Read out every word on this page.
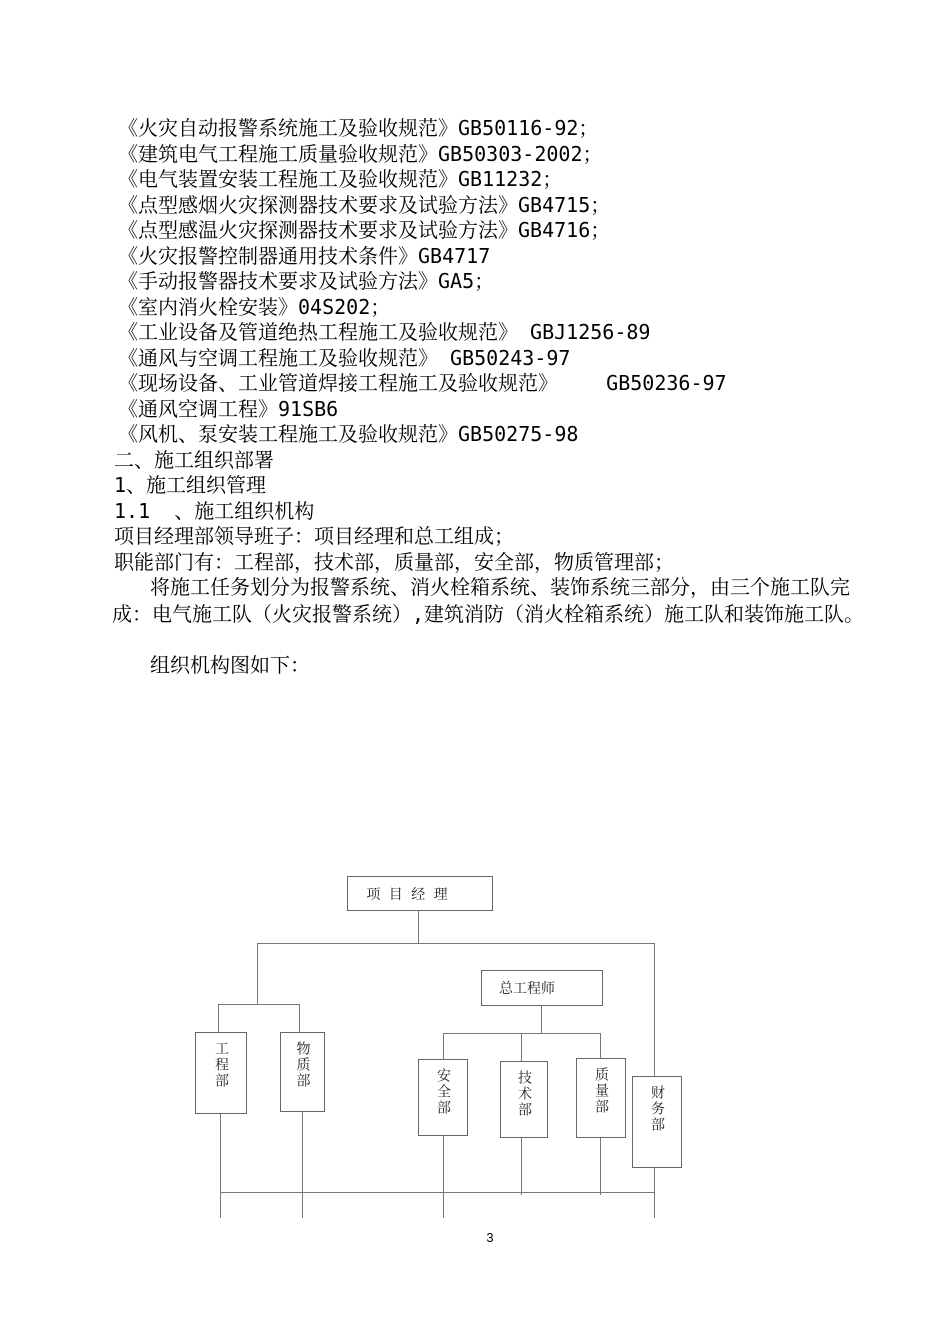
《火灾自动报警系统施工及验收规范》GB50116-92；

《建筑电气工程施工质量验收规范》GB50303-2002；

《电气装置安装工程施工及验收规范》GB11232；

《点型感烟火灾探测器技术要求及试验方法》GB4715；

《点型感温火灾探测器技术要求及试验方法》GB4716；

《火灾报警控制器通用技术条件》GB4717

《手动报警器技术要求及试验方法》GA5；

《室内消火栓安装》04S202；

《工业设备及管道绝热工程施工及验收规范》 GBJ1256-89

《通风与空调工程施工及验收规范》 GB50243-97

《现场设备、工业管道焊接工程施工及验收规范》    GB50236-97

《通风空调工程》91SB6

《风机、泵安装工程施工及验收规范》GB50275-98

二、施工组织部署

1、施工组织管理

1.1  、施工组织机构

项目经理部领导班子：项目经理和总工组成；

职能部门有：工程部，技术部，质量部，安全部，物质管理部；

将施工任务划分为报警系统、消火栓箱系统、装饰系统三部分，由三个施工队完成：电气施工队（火灾报警系统）,建筑消防（消火栓箱系统）施工队和装饰施工队。

组织机构图如下：

项 目 经 理
总工程师
工程部	物质部
安全部	技术部	质量部	财务部
3
